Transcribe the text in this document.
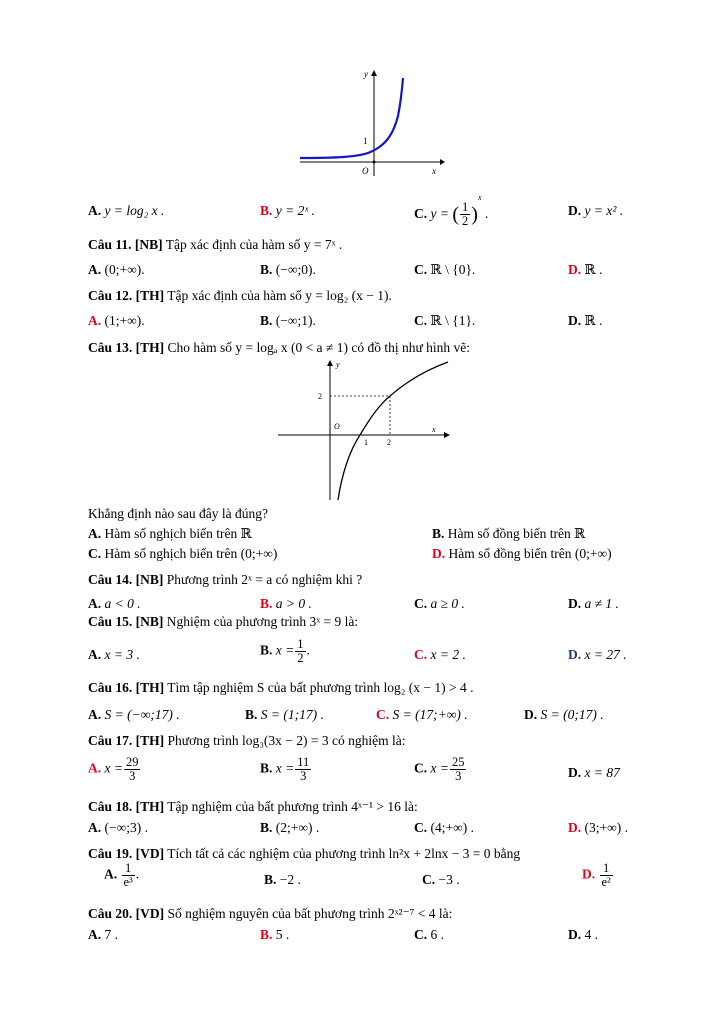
y
x
O
1
A. y = log₂ x .	B. y = 2ˣ .	C. y = ( $\frac{1}{2} )^x$ .	D. y = x² .
Câu 11. [NB] Tập xác định của hàm số y = 7ˣ .
A. (0;+∞).	B. (−∞;0).	C. ℝ \ {0}.	D. ℝ .
Câu 12. [TH] Tập xác định của hàm số y = log₂ (x − 1).
A. (1;+∞).	B. (−∞;1).	C. ℝ \ {1}.	D. ℝ .
Câu 13. [TH] Cho hàm số y = logₐ x (0 < a ≠ 1) có đồ thị như hình vẽ:
y
x
O
1 2
2
Khẳng định nào sau đây là đúng?
A. Hàm số nghịch biến trên ℝ	B. Hàm số đồng biến trên ℝ
C. Hàm số nghịch biến trên (0;+∞)	D. Hàm số đồng biến trên (0;+∞)
Câu 14. [NB] Phương trình 2ˣ = a có nghiệm khi ?
A. a < 0 .	B. a > 0 .	C. a ≥ 0 .	D. a ≠ 1 .
Câu 15. [NB] Nghiệm của phương trình 3ˣ = 9 là:
A. x = 3 .	B. $x = \frac{1}{2}$ .	C. x = 2 .	D. x = 27 .
Câu 16. [TH] Tìm tập nghiệm S của bất phương trình log₂ (x − 1) > 4 .
A. S = (−∞;17) .	B. S = (1;17) .	C. S = (17;+∞) .	D. S = (0;17) .
Câu 17. [TH] Phương trình log₃(3x − 2) = 3 có nghiệm là:
A. $x = \frac{29}{3}$	B. $x = \frac{11}{3}$	C. $x = \frac{25}{3}$	D. x = 87
Câu 18. [TH] Tập nghiệm của bất phương trình 4ˣ⁻¹ > 16 là:
A. (−∞;3) .	B. (2;+∞) .	C. (4;+∞) .	D. (3;+∞) .
Câu 19. [VD] Tích tất cả các nghiệm của phương trình ln²x + 2lnx − 3 = 0 bằng
A. $\frac{1}{\text{e³}}$ .	B. −2 .	C. −3 .	D. $\frac{1}{\text{e²}}$
Câu 20. [VD] Số nghiệm nguyên của bất phương trình 2ˣ²⁻⁷ < 4 là:
A. 7 .	B. 5 .	C. 6 .	D. 4 .
